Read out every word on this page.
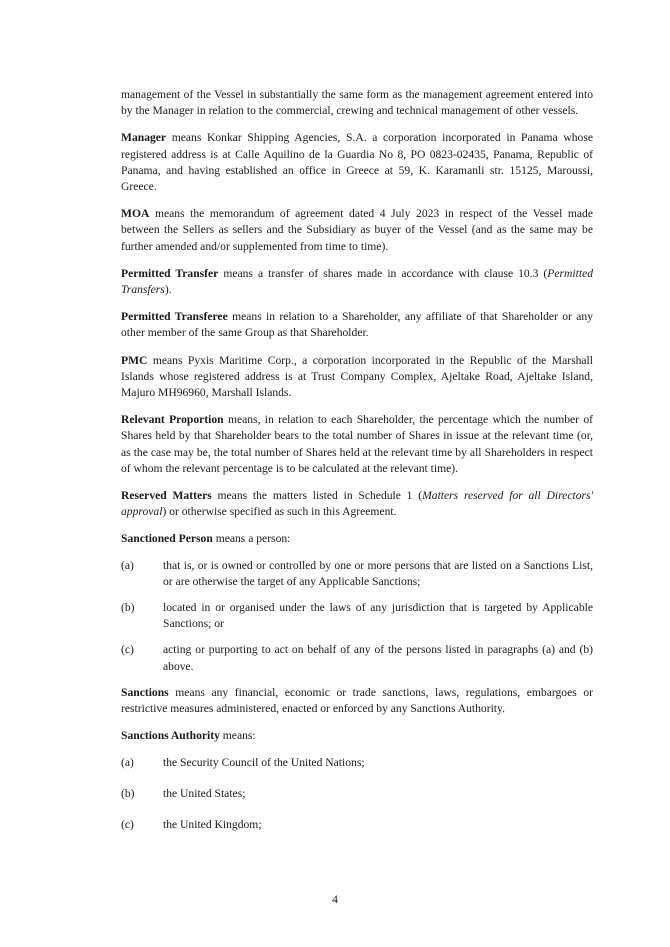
management of the Vessel in substantially the same form as the management agreement entered into by the Manager in relation to the commercial, crewing and technical management of other vessels.

Manager means Konkar Shipping Agencies, S.A. a corporation incorporated in Panama whose registered address is at Calle Aquilino de la Guardia No 8, PO 0823-02435, Panama, Republic of Panama, and having established an office in Greece at 59, K. Karamanli str. 15125, Maroussi, Greece.

MOA means the memorandum of agreement dated 4 July 2023 in respect of the Vessel made between the Sellers as sellers and the Subsidiary as buyer of the Vessel (and as the same may be further amended and/or supplemented from time to time).

Permitted Transfer means a transfer of shares made in accordance with clause 10.3 (Permitted Transfers).

Permitted Transferee means in relation to a Shareholder, any affiliate of that Shareholder or any other member of the same Group as that Shareholder.

PMC means Pyxis Maritime Corp., a corporation incorporated in the Republic of the Marshall Islands whose registered address is at Trust Company Complex, Ajeltake Road, Ajeltake Island, Majuro MH96960, Marshall Islands.

Relevant Proportion means, in relation to each Shareholder, the percentage which the number of Shares held by that Shareholder bears to the total number of Shares in issue at the relevant time (or, as the case may be, the total number of Shares held at the relevant time by all Shareholders in respect of whom the relevant percentage is to be calculated at the relevant time).

Reserved Matters means the matters listed in Schedule 1 (Matters reserved for all Directors' approval) or otherwise specified as such in this Agreement.

Sanctioned Person means a person:

(a)	that is, or is owned or controlled by one or more persons that are listed on a Sanctions List, or are otherwise the target of any Applicable Sanctions;
(b)	located in or organised under the laws of any jurisdiction that is targeted by Applicable Sanctions; or
(c)	acting or purporting to act on behalf of any of the persons listed in paragraphs (a) and (b) above.

Sanctions means any financial, economic or trade sanctions, laws, regulations, embargoes or restrictive measures administered, enacted or enforced by any Sanctions Authority.

Sanctions Authority means:

(a)	the Security Council of the United Nations;
(b)	the United States;
(c)	the United Kingdom;
4
